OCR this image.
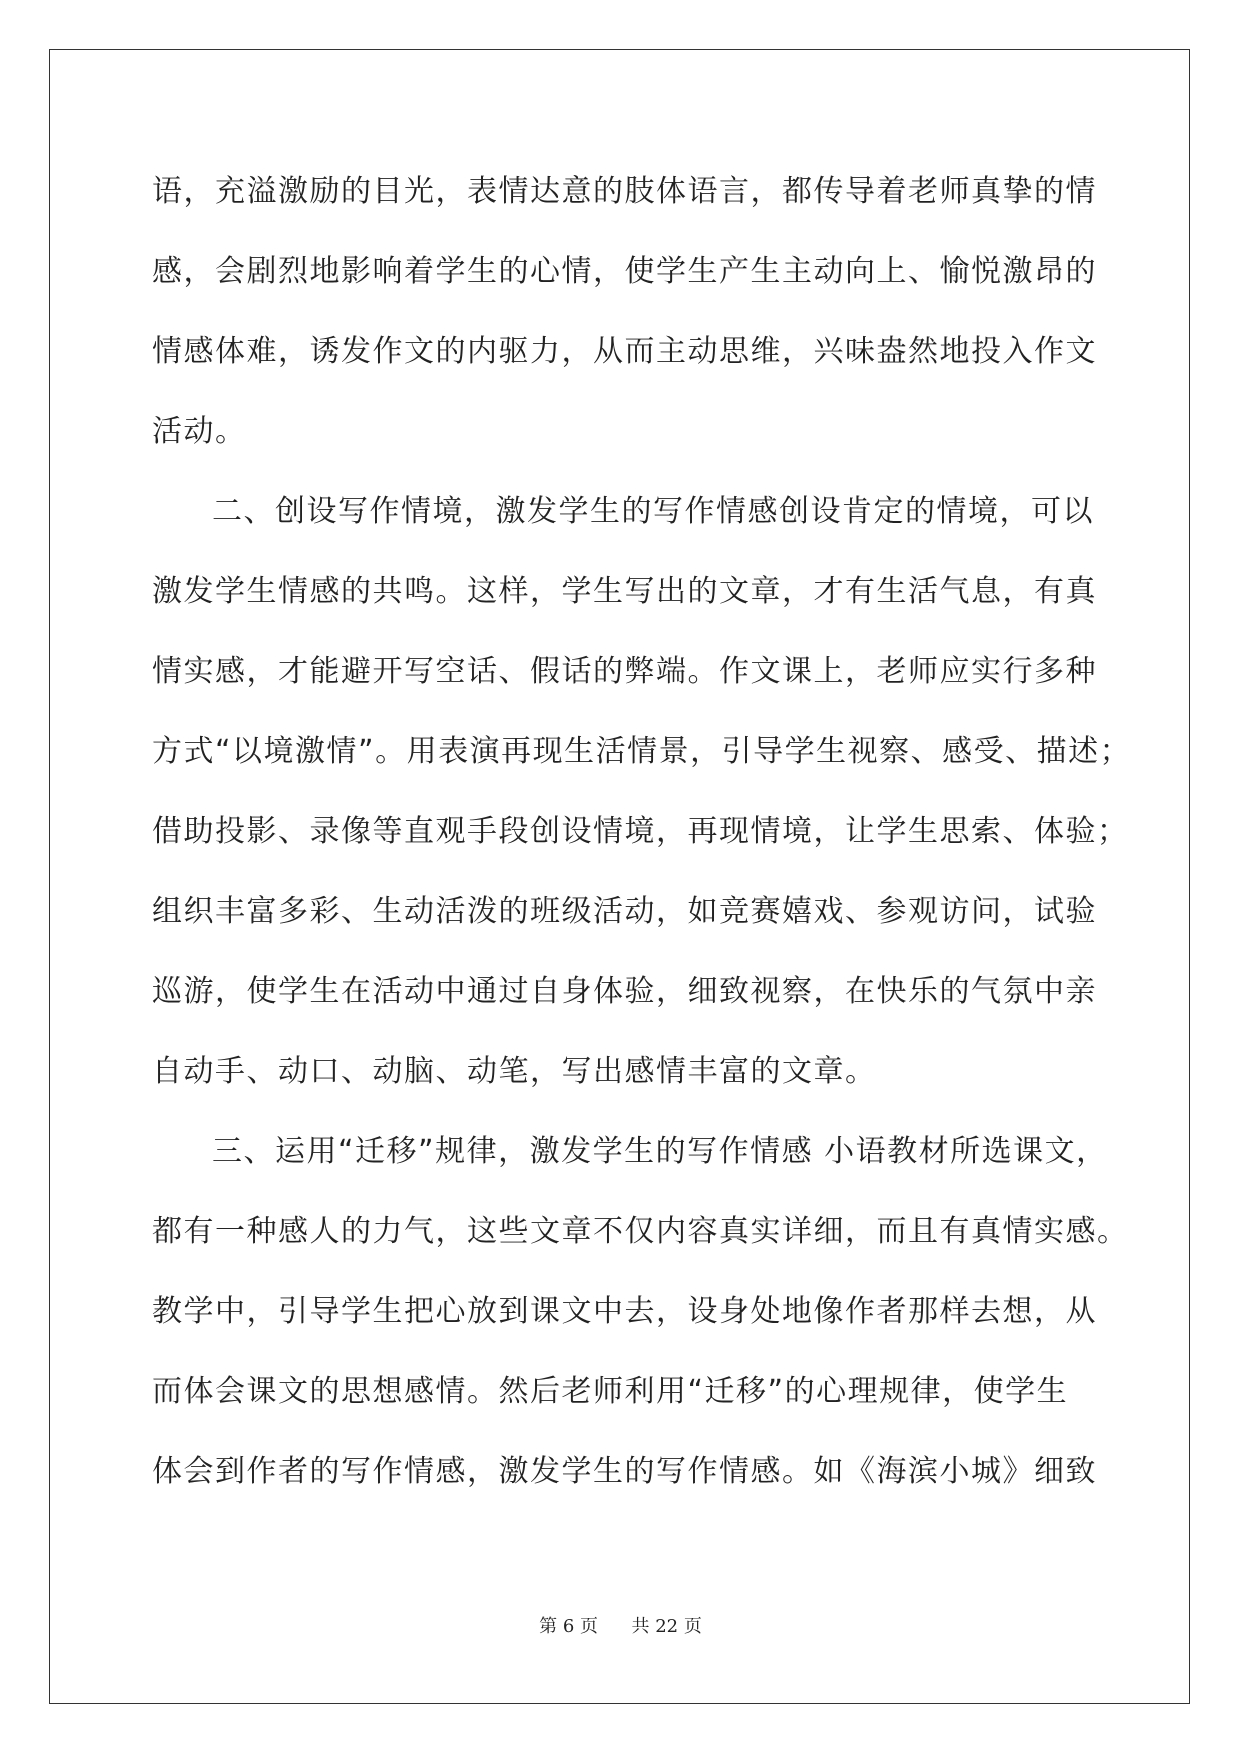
语，充溢激励的目光，表情达意的肢体语言，都传导着老师真挚的情
感，会剧烈地影响着学生的心情，使学生产生主动向上、愉悦激昂的
情感体难，诱发作文的内驱力，从而主动思维，兴味盎然地投入作文
活动。
二、创设写作情境，激发学生的写作情感创设肯定的情境，可以
激发学生情感的共鸣。这样，学生写出的文章，才有生活气息，有真
情实感，才能避开写空话、假话的弊端。作文课上，老师应实行多种
方式“以境激情”。用表演再现生活情景，引导学生视察、感受、描述；
借助投影、录像等直观手段创设情境，再现情境，让学生思索、体验；
组织丰富多彩、生动活泼的班级活动，如竞赛嬉戏、参观访问，试验
巡游，使学生在活动中通过自身体验，细致视察，在快乐的气氛中亲
自动手、动口、动脑、动笔，写出感情丰富的文章。
三、运用“迁移”规律，激发学生的写作情感 小语教材所选课文，
都有一种感人的力气，这些文章不仅内容真实详细，而且有真情实感。
教学中，引导学生把心放到课文中去，设身处地像作者那样去想，从
而体会课文的思想感情。然后老师利用“迁移”的心理规律，使学生
体会到作者的写作情感，激发学生的写作情感。如《海滨小城》细致
第 6 页 共 22 页
